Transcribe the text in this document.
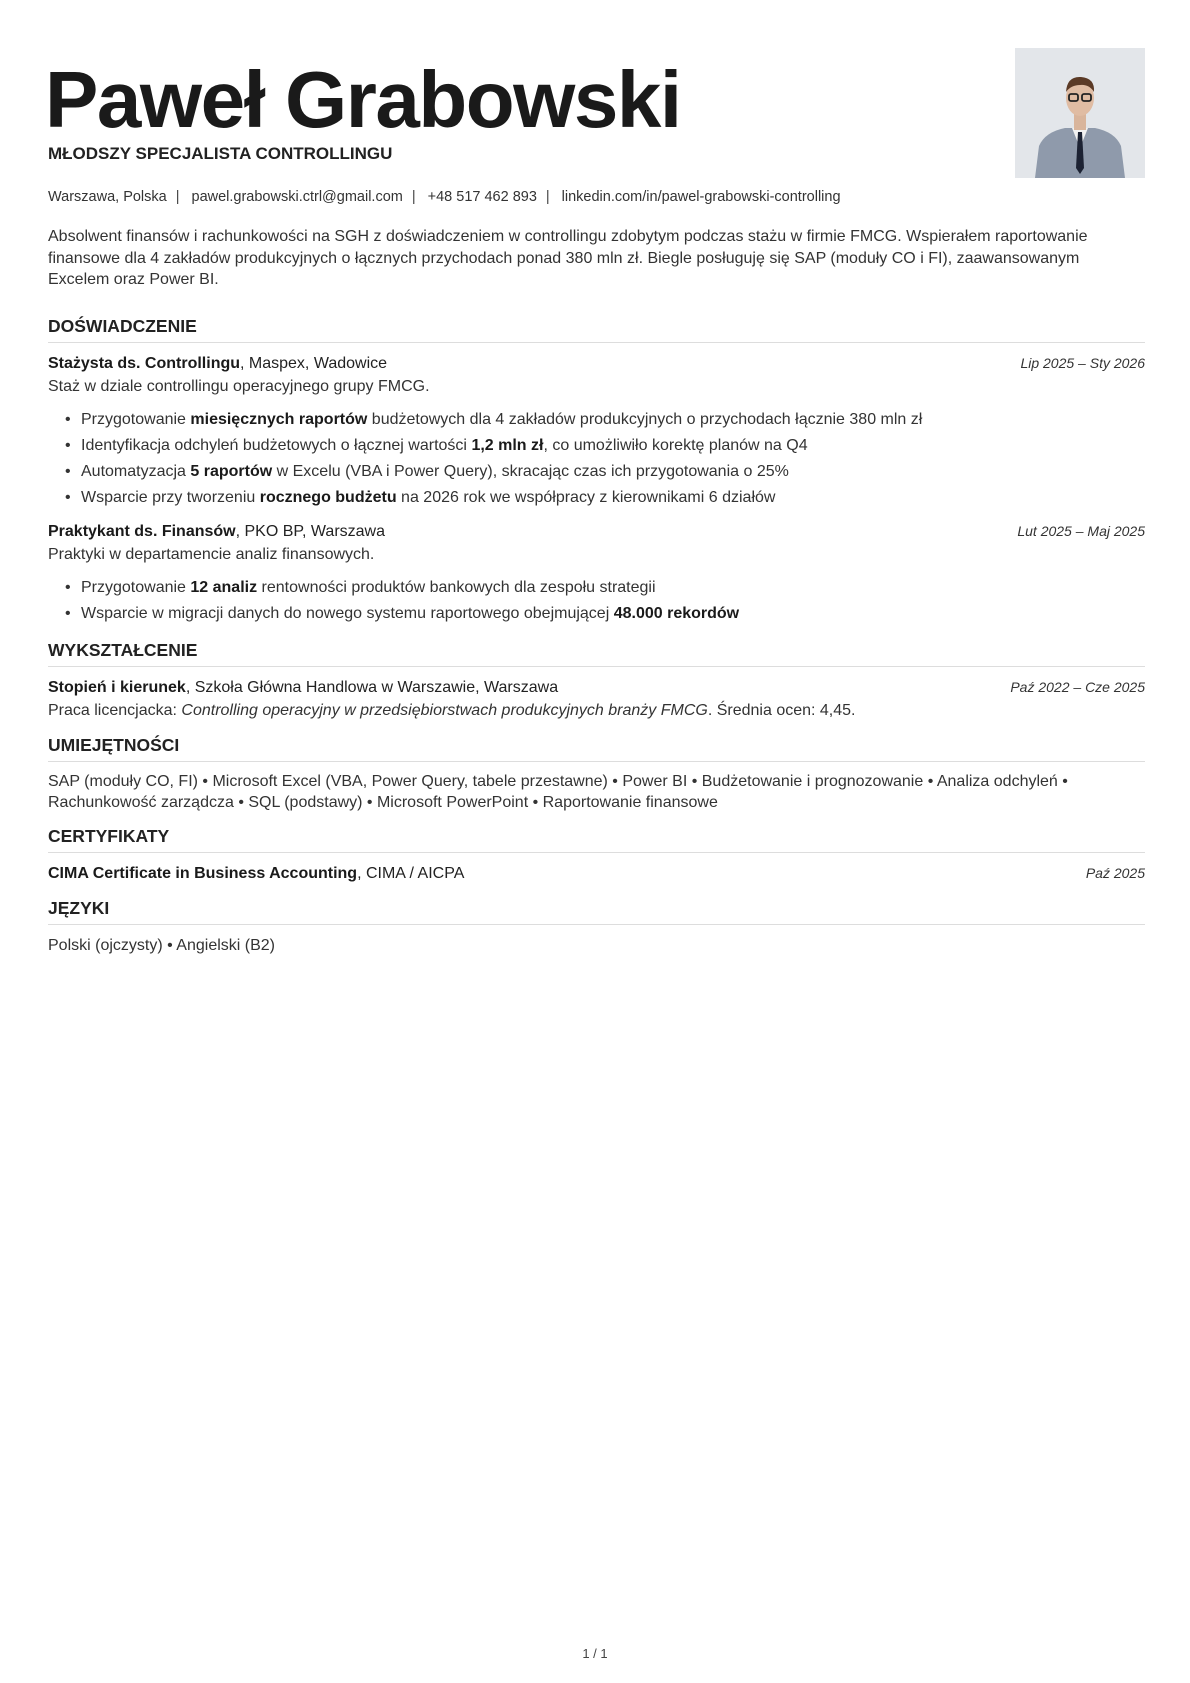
Paweł Grabowski
MŁODSZY SPECJALISTA CONTROLLINGU
Warszawa, Polska | pawel.grabowski.ctrl@gmail.com | +48 517 462 893 | linkedin.com/in/pawel-grabowski-controlling
Absolwent finansów i rachunkowości na SGH z doświadczeniem w controllingu zdobytym podczas stażu w firmie FMCG. Wspierałem raportowanie finansowe dla 4 zakładów produkcyjnych o łącznych przychodach ponad 380 mln zł. Biegle posługuję się SAP (moduły CO i FI), zaawansowanym Excelem oraz Power BI.
DOŚWIADCZENIE
Stażysta ds. Controllingu, Maspex, Wadowice	Lip 2025 – Sty 2026
Staż w dziale controllingu operacyjnego grupy FMCG.
• Przygotowanie miesięcznych raportów budżetowych dla 4 zakładów produkcyjnych o przychodach łącznie 380 mln zł
• Identyfikacja odchyleń budżetowych o łącznej wartości 1,2 mln zł, co umożliwiło korektę planów na Q4
• Automatyzacja 5 raportów w Excelu (VBA i Power Query), skracając czas ich przygotowania o 25%
• Wsparcie przy tworzeniu rocznego budżetu na 2026 rok we współpracy z kierownikami 6 działów
Praktykant ds. Finansów, PKO BP, Warszawa	Lut 2025 – Maj 2025
Praktyki w departamencie analiz finansowych.
• Przygotowanie 12 analiz rentowności produktów bankowych dla zespołu strategii
• Wsparcie w migracji danych do nowego systemu raportowego obejmującej 48.000 rekordów
WYKSZTAŁCENIE
Stopień i kierunek, Szkoła Główna Handlowa w Warszawie, Warszawa	Paź 2022 – Cze 2025
Praca licencjacka: Controlling operacyjny w przedsiębiorstwach produkcyjnych branży FMCG. Średnia ocen: 4,45.
UMIEJĘTNOŚCI
SAP (moduły CO, FI) • Microsoft Excel (VBA, Power Query, tabele przestawne) • Power BI • Budżetowanie i prognozowanie • Analiza odchyleń • Rachunkowość zarządcza • SQL (podstawy) • Microsoft PowerPoint • Raportowanie finansowe
CERTYFIKATY
CIMA Certificate in Business Accounting, CIMA / AICPA	Paź 2025
JĘZYKI
Polski (ojczysty) • Angielski (B2)
1 / 1
